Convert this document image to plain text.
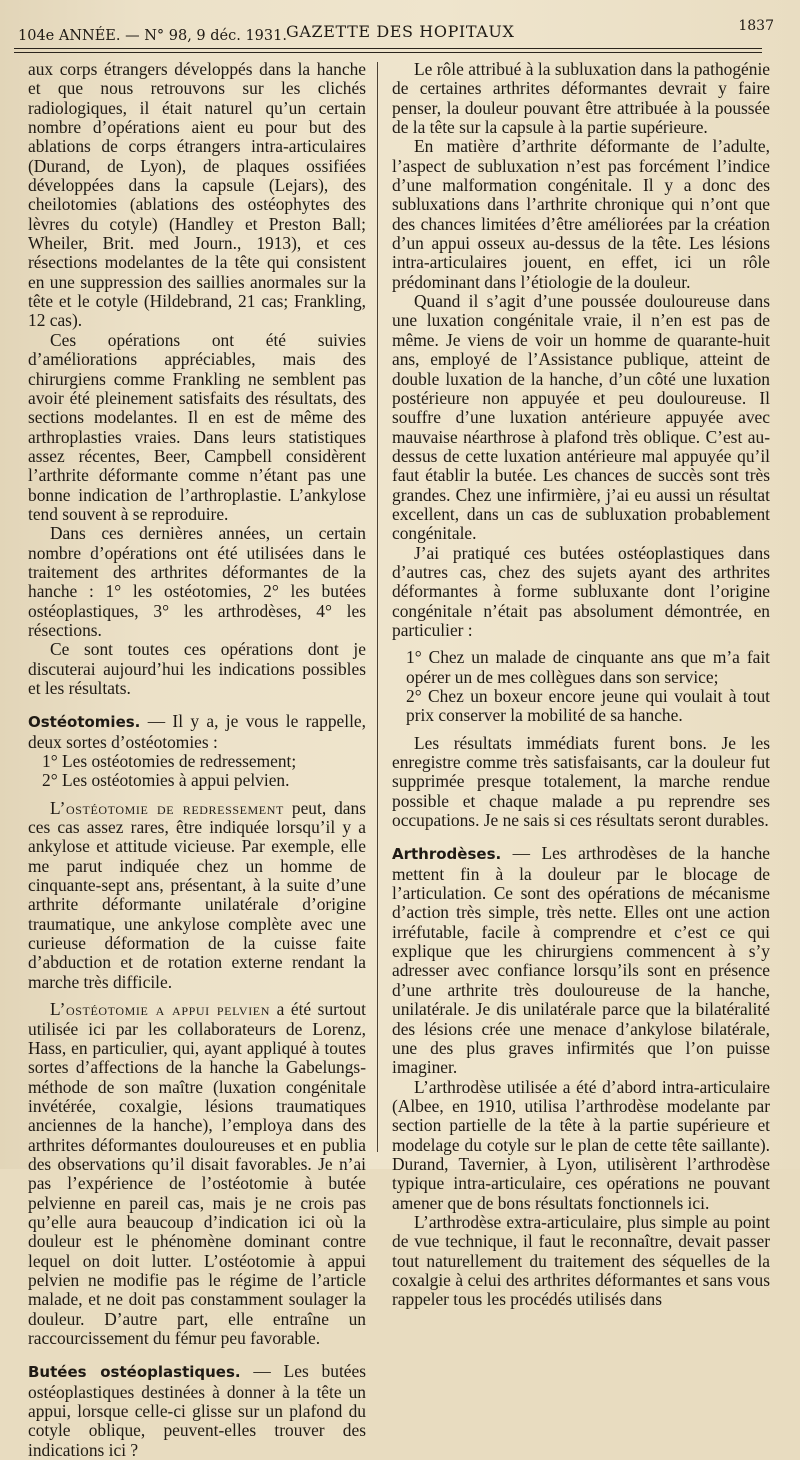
104e ANNÉE. — N° 98, 9 déc. 1931. GAZETTE DES HOPITAUX	1837

aux corps étrangers développés dans la hanche et que nous retrouvons sur les clichés radiologiques, il était naturel qu’un certain nombre d’opérations aient eu pour but des ablations de corps étrangers intra-articulaires (Durand, de Lyon), de plaques ossifiées développées dans la capsule (Lejars), des cheilotomies (ablations des ostéophytes des lèvres du cotyle) (Handley et Preston Ball; Wheiler, Brit. med Journ., 1913), et ces résections modelantes de la tête qui consistent en une suppression des saillies anormales sur la tête et le cotyle (Hildebrand, 21 cas; Frankling, 12 cas).

Ces opérations ont été suivies d’améliorations appréciables, mais des chirurgiens comme Frankling ne semblent pas avoir été pleinement satisfaits des résultats, des sections modelantes. Il en est de même des arthroplasties vraies. Dans leurs statistiques assez récentes, Beer, Campbell considèrent l’arthrite déformante comme n’étant pas une bonne indication de l’arthroplastie. L’ankylose tend souvent à se reproduire.

Dans ces dernières années, un certain nombre d’opérations ont été utilisées dans le traitement des arthrites déformantes de la hanche : 1° les ostéotomies, 2° les butées ostéoplastiques, 3° les arthrodèses, 4° les résections.

Ce sont toutes ces opérations dont je discuterai aujourd’hui les indications possibles et les résultats.

Ostéotomies. — Il y a, je vous le rappelle, deux sortes d’ostéotomies :

1° Les ostéotomies de redressement;

2° Les ostéotomies à appui pelvien.

L’ostéotomie de redressement peut, dans ces cas assez rares, être indiquée lorsqu’il y a ankylose et attitude vicieuse. Par exemple, elle me parut indiquée chez un homme de cinquante-sept ans, présentant, à la suite d’une arthrite déformante unilatérale d’origine traumatique, une ankylose complète avec une curieuse déformation de la cuisse faite d’abduction et de rotation externe rendant la marche très difficile.

L’ostéotomie a appui pelvien a été surtout utilisée ici par les collaborateurs de Lorenz, Hass, en particulier, qui, ayant appliqué à toutes sortes d’affections de la hanche la Gabelungs-méthode de son maître (luxation congénitale invétérée, coxalgie, lésions traumatiques anciennes de la hanche), l’employa dans des arthrites déformantes douloureuses et en publia des observations qu’il disait favorables. Je n’ai pas l’expérience de l’ostéotomie à butée pelvienne en pareil cas, mais je ne crois pas qu’elle aura beaucoup d’indication ici où la douleur est le phénomène dominant contre lequel on doit lutter. L’ostéotomie à appui pelvien ne modifie pas le régime de l’article malade, et ne doit pas constamment soulager la douleur. D’autre part, elle entraîne un raccourcissement du fémur peu favorable.

Butées ostéoplastiques. — Les butées ostéoplastiques destinées à donner à la tête un appui, lorsque celle-ci glisse sur un plafond du cotyle oblique, peuvent-elles trouver des indications ici ?

Le rôle attribué à la subluxation dans la pathogénie de certaines arthrites déformantes devrait y faire penser, la douleur pouvant être attribuée à la poussée de la tête sur la capsule à la partie supérieure.

En matière d’arthrite déformante de l’adulte, l’aspect de subluxation n’est pas forcément l’indice d’une malformation congénitale. Il y a donc des subluxations dans l’arthrite chronique qui n’ont que des chances limitées d’être améliorées par la création d’un appui osseux au-dessus de la tête. Les lésions intra-articulaires jouent, en effet, ici un rôle prédominant dans l’étiologie de la douleur.

Quand il s’agit d’une poussée douloureuse dans une luxation congénitale vraie, il n’en est pas de même. Je viens de voir un homme de quarante-huit ans, employé de l’Assistance publique, atteint de double luxation de la hanche, d’un côté une luxation postérieure non appuyée et peu douloureuse. Il souffre d’une luxation antérieure appuyée avec mauvaise néarthrose à plafond très oblique. C’est au-dessus de cette luxation antérieure mal appuyée qu’il faut établir la butée. Les chances de succès sont très grandes. Chez une infirmière, j’ai eu aussi un résultat excellent, dans un cas de subluxation probablement congénitale.

J’ai pratiqué ces butées ostéoplastiques dans d’autres cas, chez des sujets ayant des arthrites déformantes à forme subluxante dont l’origine congénitale n’était pas absolument démontrée, en particulier :

1° Chez un malade de cinquante ans que m’a fait opérer un de mes collègues dans son service;

2° Chez un boxeur encore jeune qui voulait à tout prix conserver la mobilité de sa hanche.

Les résultats immédiats furent bons. Je les enregistre comme très satisfaisants, car la douleur fut supprimée presque totalement, la marche rendue possible et chaque malade a pu reprendre ses occupations. Je ne sais si ces résultats seront durables.

Arthrodèses. — Les arthrodèses de la hanche mettent fin à la douleur par le blocage de l’articulation. Ce sont des opérations de mécanisme d’action très simple, très nette. Elles ont une action irréfutable, facile à comprendre et c’est ce qui explique que les chirurgiens commencent à s’y adresser avec confiance lorsqu’ils sont en présence d’une arthrite très douloureuse de la hanche, unilatérale. Je dis unilatérale parce que la bilatéralité des lésions crée une menace d’ankylose bilatérale, une des plus graves infirmités que l’on puisse imaginer.

L’arthrodèse utilisée a été d’abord intra-articulaire (Albee, en 1910, utilisa l’arthrodèse modelante par section partielle de la tête à la partie supérieure et modelage du cotyle sur le plan de cette tête saillante). Durand, Tavernier, à Lyon, utilisèrent l’arthrodèse typique intra-articulaire, ces opérations ne pouvant amener que de bons résultats fonctionnels ici.

L’arthrodèse extra-articulaire, plus simple au point de vue technique, il faut le reconnaître, devait passer tout naturellement du traitement des séquelles de la coxalgie à celui des arthrites déformantes et sans vous rappeler tous les procédés utilisés dans
